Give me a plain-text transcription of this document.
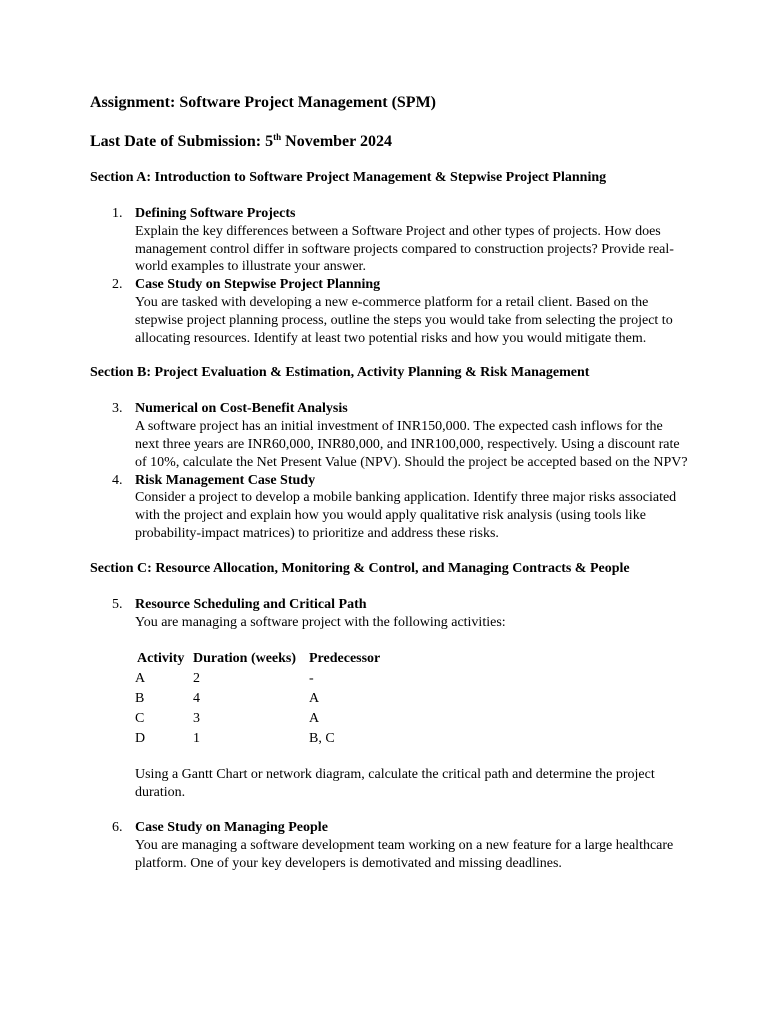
Assignment: Software Project Management (SPM)

Last Date of Submission: 5th November 2024

Section A: Introduction to Software Project Management & Stepwise Project Planning

1. Defining Software Projects
Explain the key differences between a Software Project and other types of projects. How does management control differ in software projects compared to construction projects? Provide real-world examples to illustrate your answer.
2. Case Study on Stepwise Project Planning
You are tasked with developing a new e-commerce platform for a retail client. Based on the stepwise project planning process, outline the steps you would take from selecting the project to allocating resources. Identify at least two potential risks and how you would mitigate them.

Section B: Project Evaluation & Estimation, Activity Planning & Risk Management

3. Numerical on Cost-Benefit Analysis
A software project has an initial investment of INR150,000. The expected cash inflows for the next three years are INR60,000, INR80,000, and INR100,000, respectively. Using a discount rate of 10%, calculate the Net Present Value (NPV). Should the project be accepted based on the NPV?
4. Risk Management Case Study
Consider a project to develop a mobile banking application. Identify three major risks associated with the project and explain how you would apply qualitative risk analysis (using tools like probability-impact matrices) to prioritize and address these risks.

Section C: Resource Allocation, Monitoring & Control, and Managing Contracts & People

5. Resource Scheduling and Critical Path
You are managing a software project with the following activities:
Activity	Duration (weeks)	Predecessor
A	2	-
B	4	A
C	3	A
D	1	B, C
Using a Gantt Chart or network diagram, calculate the critical path and determine the project duration.
6. Case Study on Managing People
You are managing a software development team working on a new feature for a large healthcare platform. One of your key developers is demotivated and missing deadlines.
